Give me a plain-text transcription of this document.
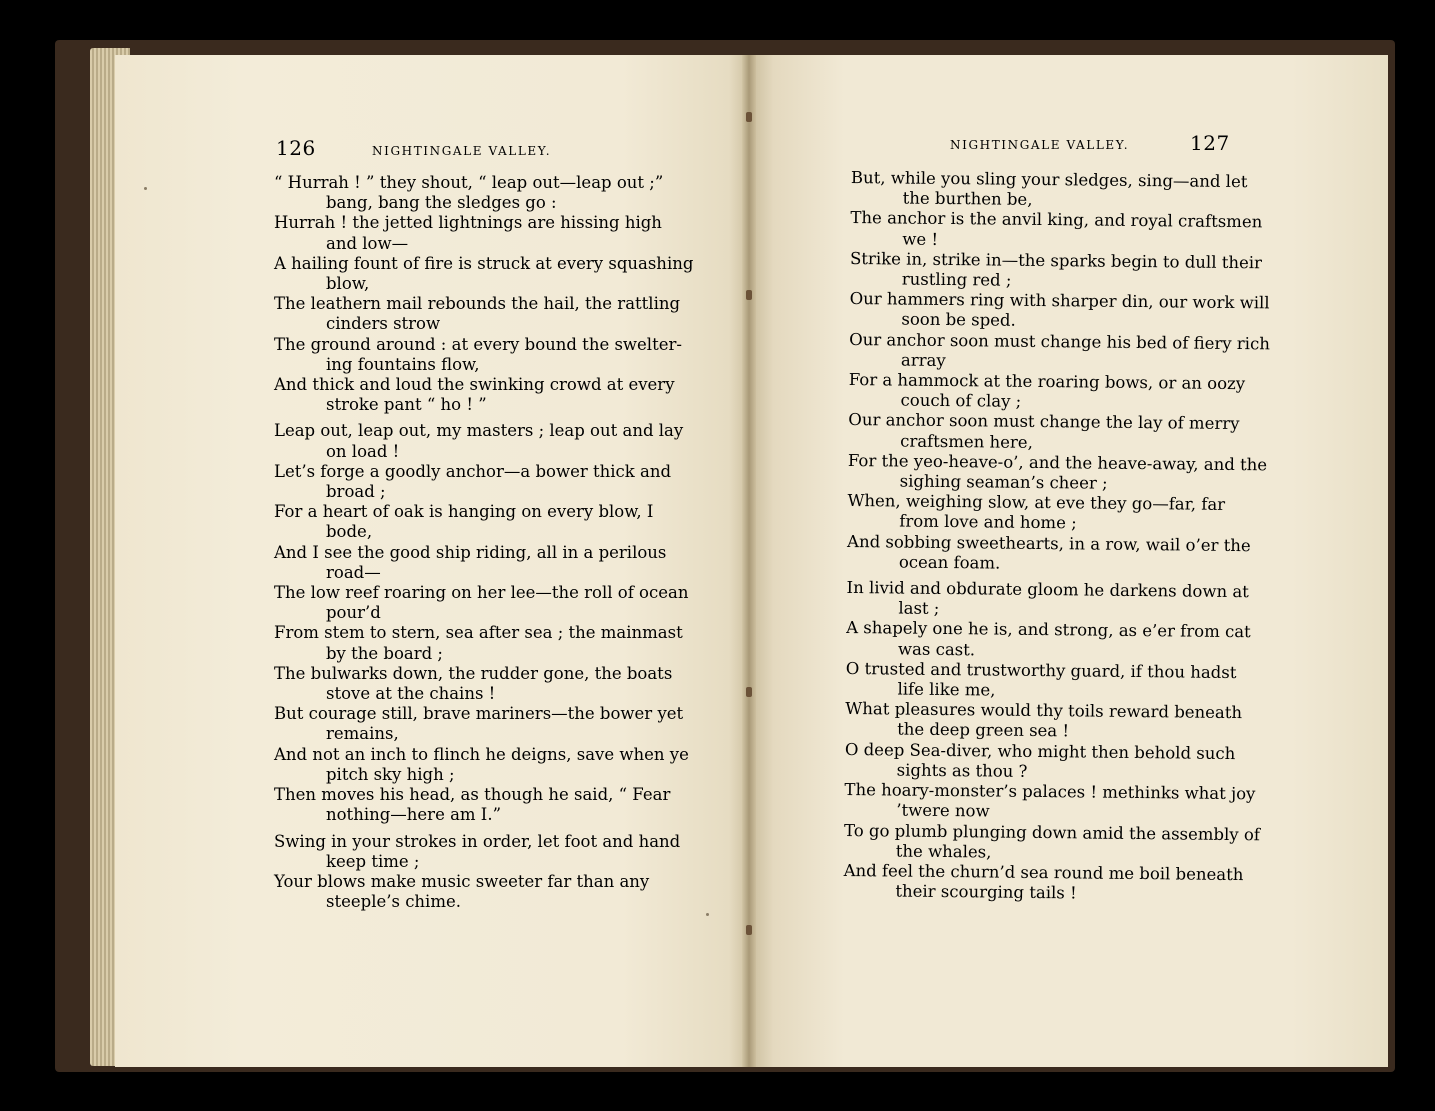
126	NIGHTINGALE VALLEY.	NIGHTINGALE VALLEY.	127
“ Hurrah ! ” they shout, “ leap out—leap out ;”
bang, bang the sledges go :
Hurrah ! the jetted lightnings are hissing high
and low—
A hailing fount of fire is struck at every squashing
blow,
The leathern mail rebounds the hail, the rattling
cinders strow
The ground around : at every bound the swelter-
ing fountains flow,
And thick and loud the swinking crowd at every
stroke pant “ ho ! ”
Leap out, leap out, my masters ; leap out and lay
on load !
Let’s forge a goodly anchor—a bower thick and
broad ;
For a heart of oak is hanging on every blow, I
bode,
And I see the good ship riding, all in a perilous
road—
The low reef roaring on her lee—the roll of ocean
pour’d
From stem to stern, sea after sea ; the mainmast
by the board ;
The bulwarks down, the rudder gone, the boats
stove at the chains !
But courage still, brave mariners—the bower yet
remains,
And not an inch to flinch he deigns, save when ye
pitch sky high ;
Then moves his head, as though he said, “ Fear
nothing—here am I.”
Swing in your strokes in order, let foot and hand
keep time ;
Your blows make music sweeter far than any
steeple’s chime.
But, while you sling your sledges, sing—and let
the burthen be,
The anchor is the anvil king, and royal craftsmen
we !
Strike in, strike in—the sparks begin to dull their
rustling red ;
Our hammers ring with sharper din, our work will
soon be sped.
Our anchor soon must change his bed of fiery rich
array
For a hammock at the roaring bows, or an oozy
couch of clay ;
Our anchor soon must change the lay of merry
craftsmen here,
For the yeo-heave-o’, and the heave-away, and the
sighing seaman’s cheer ;
When, weighing slow, at eve they go—far, far
from love and home ;
And sobbing sweethearts, in a row, wail o’er the
ocean foam.
In livid and obdurate gloom he darkens down at
last ;
A shapely one he is, and strong, as e’er from cat
was cast.
O trusted and trustworthy guard, if thou hadst
life like me,
What pleasures would thy toils reward beneath
the deep green sea !
O deep Sea-diver, who might then behold such
sights as thou ?
The hoary-monster’s palaces ! methinks what joy
’twere now
To go plumb plunging down amid the assembly of
the whales,
And feel the churn’d sea round me boil beneath
their scourging tails !
